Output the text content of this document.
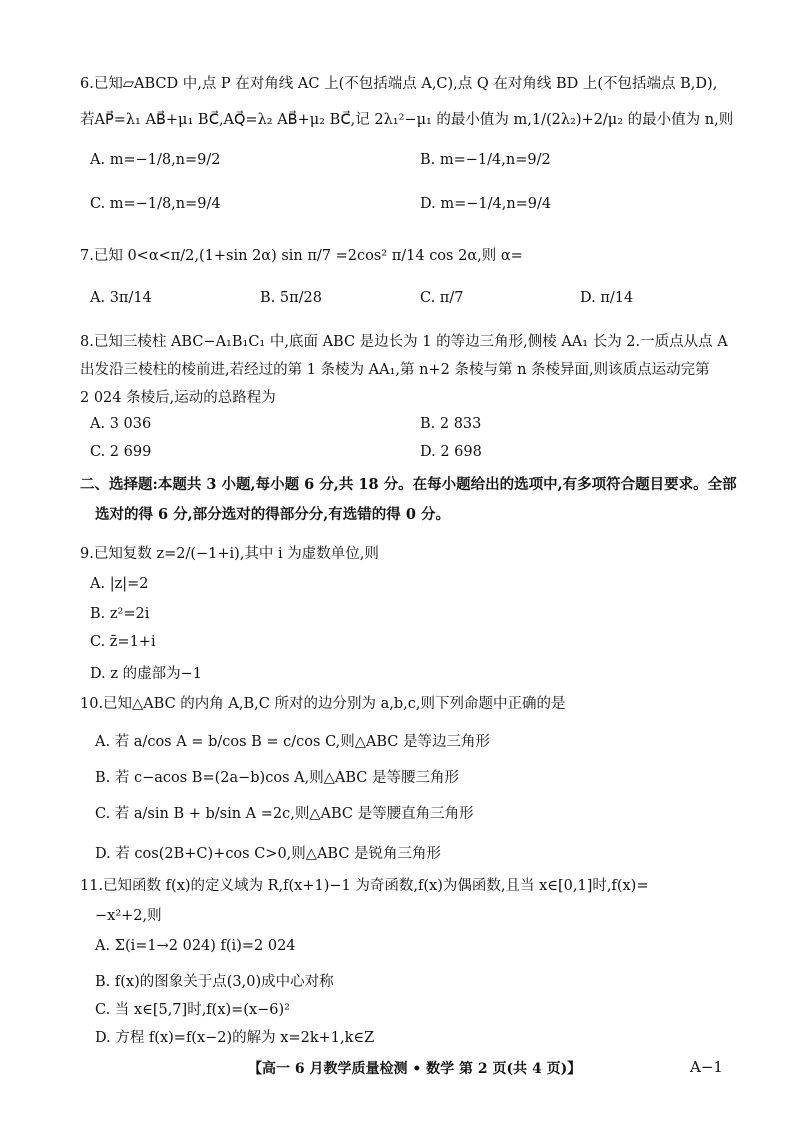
6.已知▱ABCD 中,点 P 在对角线 AC 上(不包括端点 A,C),点 Q 在对角线 BD 上(不包括端点 B,D),
若AP⃗=λ₁ AB⃗+μ₁ BC⃗,AQ⃗=λ₂ AB⃗+μ₂ BC⃗,记 2λ₁²−μ₁ 的最小值为 m,1/(2λ₂)+2/μ₂ 的最小值为 n,则
A. m=−1/8,n=9/2	B. m=−1/4,n=9/2
C. m=−1/8,n=9/4	D. m=−1/4,n=9/4
7.已知 0<α<π/2,(1+sin 2α) sin π/7 =2cos² π/14 cos 2α,则 α=
A. 3π/14	B. 5π/28	C. π/7	D. π/14
8.已知三棱柱 ABC−A₁B₁C₁ 中,底面 ABC 是边长为 1 的等边三角形,侧棱 AA₁ 长为 2.一质点从点 A
出发沿三棱柱的棱前进,若经过的第 1 条棱为 AA₁,第 n+2 条棱与第 n 条棱异面,则该质点运动完第
2 024 条棱后,运动的总路程为
A. 3 036	B. 2 833
C. 2 699	D. 2 698
二、选择题:本题共 3 小题,每小题 6 分,共 18 分。在每小题给出的选项中,有多项符合题目要求。全部
选对的得 6 分,部分选对的得部分分,有选错的得 0 分。
9.已知复数 z=2/(−1+i),其中 i 为虚数单位,则
A. |z|=2
B. z²=2i
C. z̄=1+i
D. z 的虚部为−1
10.已知△ABC 的内角 A,B,C 所对的边分别为 a,b,c,则下列命题中正确的是
A. 若 a/cos A = b/cos B = c/cos C,则△ABC 是等边三角形
B. 若 c−acos B=(2a−b)cos A,则△ABC 是等腰三角形
C. 若 a/sin B + b/sin A =2c,则△ABC 是等腰直角三角形
D. 若 cos(2B+C)+cos C>0,则△ABC 是锐角三角形
11.已知函数 f(x)的定义域为 R,f(x+1)−1 为奇函数,f(x)为偶函数,且当 x∈[0,1]时,f(x)=
−x²+2,则
A. Σ(i=1→2 024) f(i)=2 024
B. f(x)的图象关于点(3,0)成中心对称
C. 当 x∈[5,7]时,f(x)=(x−6)²
D. 方程 f(x)=f(x−2)的解为 x=2k+1,k∈Z
【高一 6 月教学质量检测 • 数学 第 2 页(共 4 页)】	A−1
